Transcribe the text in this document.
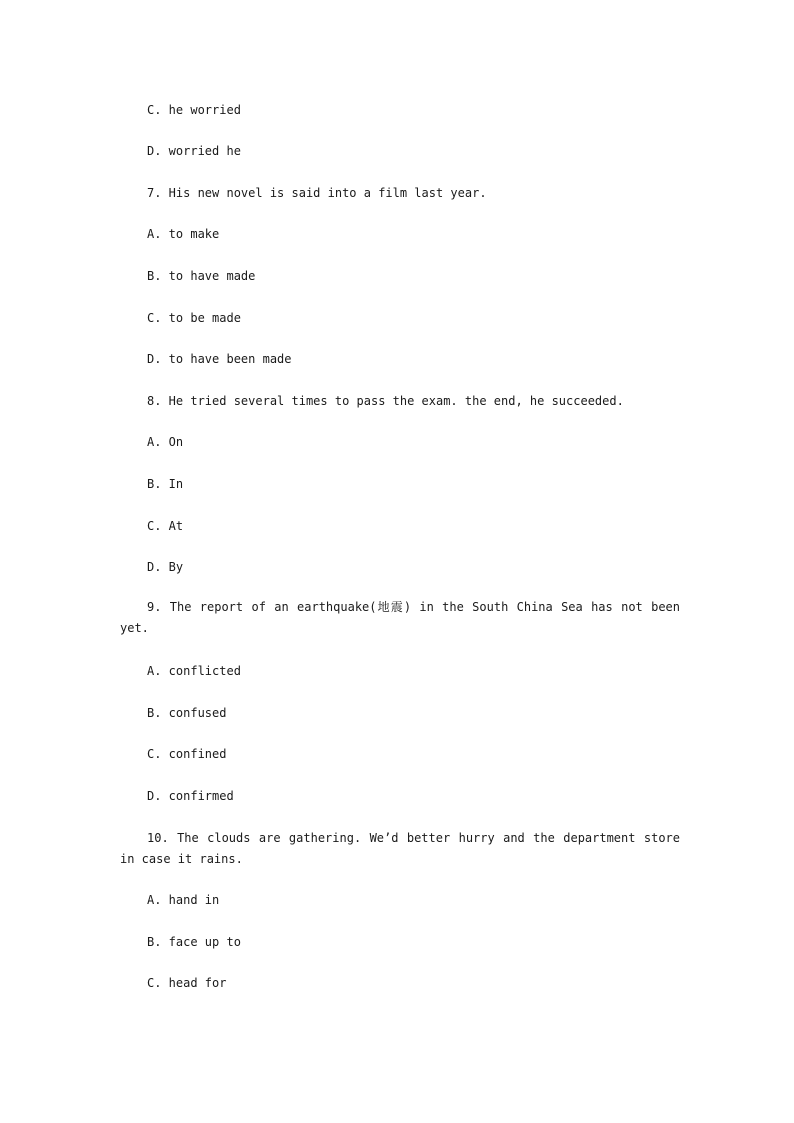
C. he worried
D. worried he
7. His new novel is said into a film last year.
A. to make
B. to have made
C. to be made
D. to have been made
8. He tried several times to pass the exam. the end, he succeeded.
A. On
B. In
C. At
D. By
9. The report of an earthquake(地震) in the South China Sea has not been yet.
A. conflicted
B. confused
C. confined
D. confirmed
10. The clouds are gathering. We’d better hurry and the department store in case it rains.
A. hand in
B. face up to
C. head for
